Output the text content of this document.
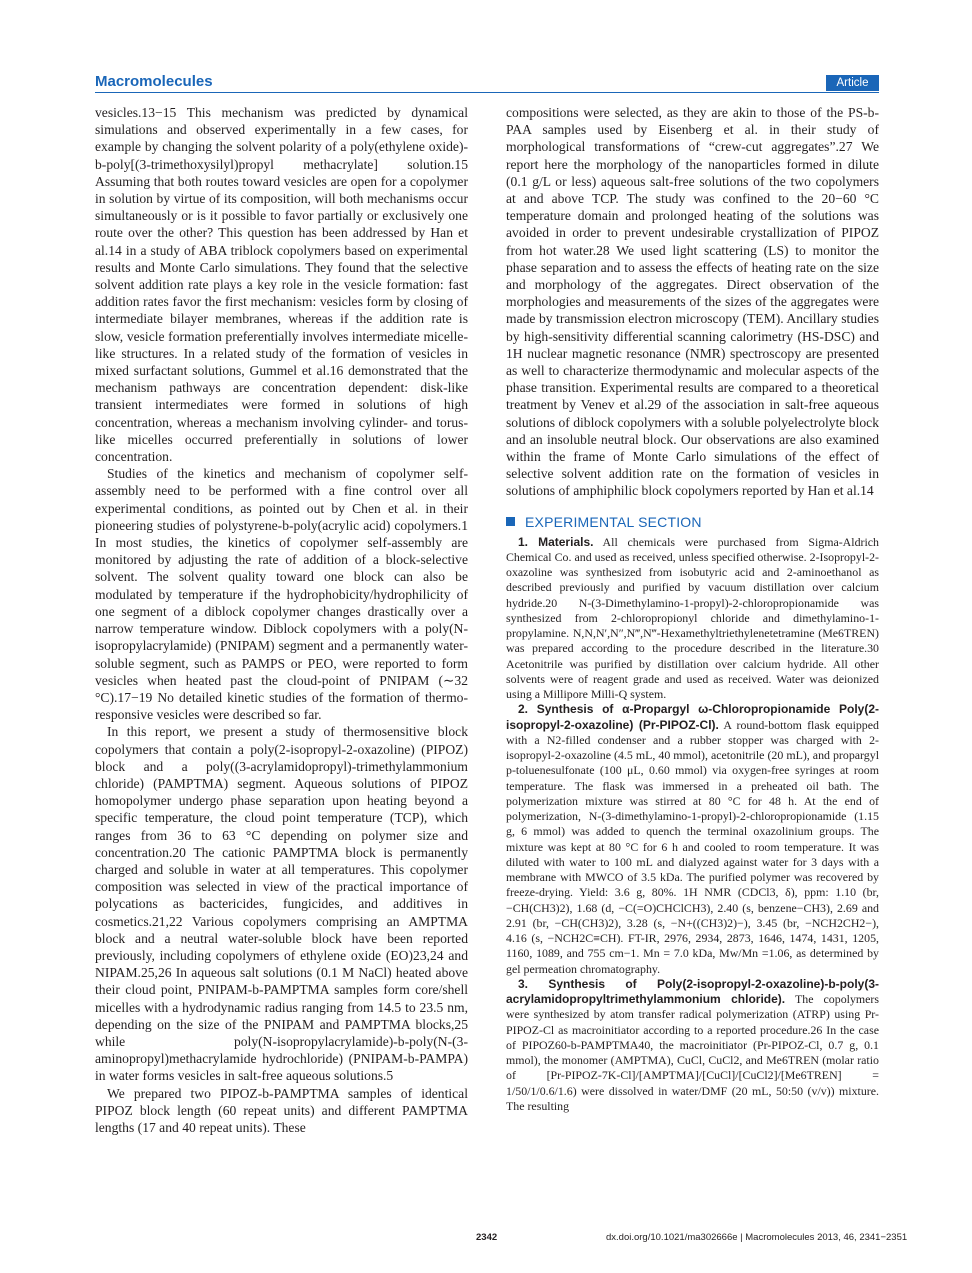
Macromolecules	Article

vesicles.13−15 This mechanism was predicted by dynamical simulations and observed experimentally in a few cases, for example by changing the solvent polarity of a poly(ethylene oxide)-b-poly[(3-trimethoxysilyl)propyl methacrylate] solution.15 Assuming that both routes toward vesicles are open for a copolymer in solution by virtue of its composition, will both mechanisms occur simultaneously or is it possible to favor partially or exclusively one route over the other? This question has been addressed by Han et al.14 in a study of ABA triblock copolymers based on experimental results and Monte Carlo simulations. They found that the selective solvent addition rate plays a key role in the vesicle formation: fast addition rates favor the first mechanism: vesicles form by closing of intermediate bilayer membranes, whereas if the addition rate is slow, vesicle formation preferentially involves intermediate micelle-like structures. In a related study of the formation of vesicles in mixed surfactant solutions, Gummel et al.16 demonstrated that the mechanism pathways are concentration dependent: disk-like transient intermediates were formed in solutions of high concentration, whereas a mechanism involving cylinder- and torus-like micelles occurred preferentially in solutions of lower concentration.

Studies of the kinetics and mechanism of copolymer self-assembly need to be performed with a fine control over all experimental conditions, as pointed out by Chen et al. in their pioneering studies of polystyrene-b-poly(acrylic acid) copolymers.1 In most studies, the kinetics of copolymer self-assembly are monitored by adjusting the rate of addition of a block-selective solvent. The solvent quality toward one block can also be modulated by temperature if the hydrophobicity/hydrophilicity of one segment of a diblock copolymer changes drastically over a narrow temperature window. Diblock copolymers with a poly(N-isopropylacrylamide) (PNIPAM) segment and a permanently water-soluble segment, such as PAMPS or PEO, were reported to form vesicles when heated past the cloud-point of PNIPAM (∼32 °C).17−19 No detailed kinetic studies of the formation of thermo-responsive vesicles were described so far.

In this report, we present a study of thermosensitive block copolymers that contain a poly(2-isopropyl-2-oxazoline) (PIPOZ) block and a poly((3-acrylamidopropyl)-trimethylammonium chloride) (PAMPTMA) segment. Aqueous solutions of PIPOZ homopolymer undergo phase separation upon heating beyond a specific temperature, the cloud point temperature (TCP), which ranges from 36 to 63 °C depending on polymer size and concentration.20 The cationic PAMPTMA block is permanently charged and soluble in water at all temperatures. This copolymer composition was selected in view of the practical importance of polycations as bactericides, fungicides, and additives in cosmetics.21,22 Various copolymers comprising an AMPTMA block and a neutral water-soluble block have been reported previously, including copolymers of ethylene oxide (EO)23,24 and NIPAM.25,26 In aqueous salt solutions (0.1 M NaCl) heated above their cloud point, PNIPAM-b-PAMPTMA samples form core/shell micelles with a hydrodynamic radius ranging from 14.5 to 23.5 nm, depending on the size of the PNIPAM and PAMPTMA blocks,25 while poly(N-isopropylacrylamide)-b-poly(N-(3-aminopropyl)methacrylamide hydrochloride) (PNIPAM-b-PAMPA) in water forms vesicles in salt-free aqueous solutions.5

We prepared two PIPOZ-b-PAMPTMA samples of identical PIPOZ block length (60 repeat units) and different PAMPTMA lengths (17 and 40 repeat units). These

compositions were selected, as they are akin to those of the PS-b-PAA samples used by Eisenberg et al. in their study of morphological transformations of “crew-cut aggregates”.27 We report here the morphology of the nanoparticles formed in dilute (0.1 g/L or less) aqueous salt-free solutions of the two copolymers at and above TCP. The study was confined to the 20−60 °C temperature domain and prolonged heating of the solutions was avoided in order to prevent undesirable crystallization of PIPOZ from hot water.28 We used light scattering (LS) to monitor the phase separation and to assess the effects of heating rate on the size and morphology of the aggregates. Direct observation of the morphologies and measurements of the sizes of the aggregates were made by transmission electron microscopy (TEM). Ancillary studies by high-sensitivity differential scanning calorimetry (HS-DSC) and 1H nuclear magnetic resonance (NMR) spectroscopy are presented as well to characterize thermodynamic and molecular aspects of the phase transition. Experimental results are compared to a theoretical treatment by Venev et al.29 of the association in salt-free aqueous solutions of diblock copolymers with a soluble polyelectrolyte block and an insoluble neutral block. Our observations are also examined within the frame of Monte Carlo simulations of the effect of selective solvent addition rate on the formation of vesicles in solutions of amphiphilic block copolymers reported by Han et al.14

EXPERIMENTAL SECTION

1. Materials. All chemicals were purchased from Sigma-Aldrich Chemical Co. and used as received, unless specified otherwise. 2-Isopropyl-2-oxazoline was synthesized from isobutyric acid and 2-aminoethanol as described previously and purified by vacuum distillation over calcium hydride.20 N-(3-Dimethylamino-1-propyl)-2-chloropropionamide was synthesized from 2-chloropropionyl chloride and dimethylamino-1-propylamine. N,N,N′,N″,N‴,N‴-Hexamethyltriethylenetetramine (Me6TREN) was prepared according to the procedure described in the literature.30 Acetonitrile was purified by distillation over calcium hydride. All other solvents were of reagent grade and used as received. Water was deionized using a Millipore Milli-Q system.

2. Synthesis of α-Propargyl ω-Chloropropionamide Poly(2-isopropyl-2-oxazoline) (Pr-PIPOZ-Cl). A round-bottom flask equipped with a N2-filled condenser and a rubber stopper was charged with 2-isopropyl-2-oxazoline (4.5 mL, 40 mmol), acetonitrile (20 mL), and propargyl p-toluenesulfonate (100 μL, 0.60 mmol) via oxygen-free syringes at room temperature. The flask was immersed in a preheated oil bath. The polymerization mixture was stirred at 80 °C for 48 h. At the end of polymerization, N-(3-dimethylamino-1-propyl)-2-chloropropionamide (1.15 g, 6 mmol) was added to quench the terminal oxazolinium groups. The mixture was kept at 80 °C for 6 h and cooled to room temperature. It was diluted with water to 100 mL and dialyzed against water for 3 days with a membrane with MWCO of 3.5 kDa. The purified polymer was recovered by freeze-drying. Yield: 3.6 g, 80%. 1H NMR (CDCl3, δ), ppm: 1.10 (br, −CH(CH3)2), 1.68 (d, −C(=O)CHClCH3), 2.40 (s, benzene−CH3), 2.69 and 2.91 (br, −CH(CH3)2), 3.28 (s, −N+((CH3)2)−), 3.45 (br, −NCH2CH2−), 4.16 (s, −NCH2C≡CH). FT-IR, 2976, 2934, 2873, 1646, 1474, 1431, 1205, 1160, 1089, and 755 cm−1. Mn = 7.0 kDa, Mw/Mn =1.06, as determined by gel permeation chromatography.

3. Synthesis of Poly(2-isopropyl-2-oxazoline)-b-poly(3-acrylamidopropyltrimethylammonium chloride). The copolymers were synthesized by atom transfer radical polymerization (ATRP) using Pr-PIPOZ-Cl as macroinitiator according to a reported procedure.26 In the case of PIPOZ60-b-PAMPTMA40, the macroinitiator (Pr-PIPOZ-Cl, 0.7 g, 0.1 mmol), the monomer (AMPTMA), CuCl, CuCl2, and Me6TREN (molar ratio of [Pr-PIPOZ-7K-Cl]/[AMPTMA]/[CuCl]/[CuCl2]/[Me6TREN] = 1/50/1/0.6/1.6) were dissolved in water/DMF (20 mL, 50:50 (v/v)) mixture. The resulting

2342	dx.doi.org/10.1021/ma302666e | Macromolecules 2013, 46, 2341−2351
